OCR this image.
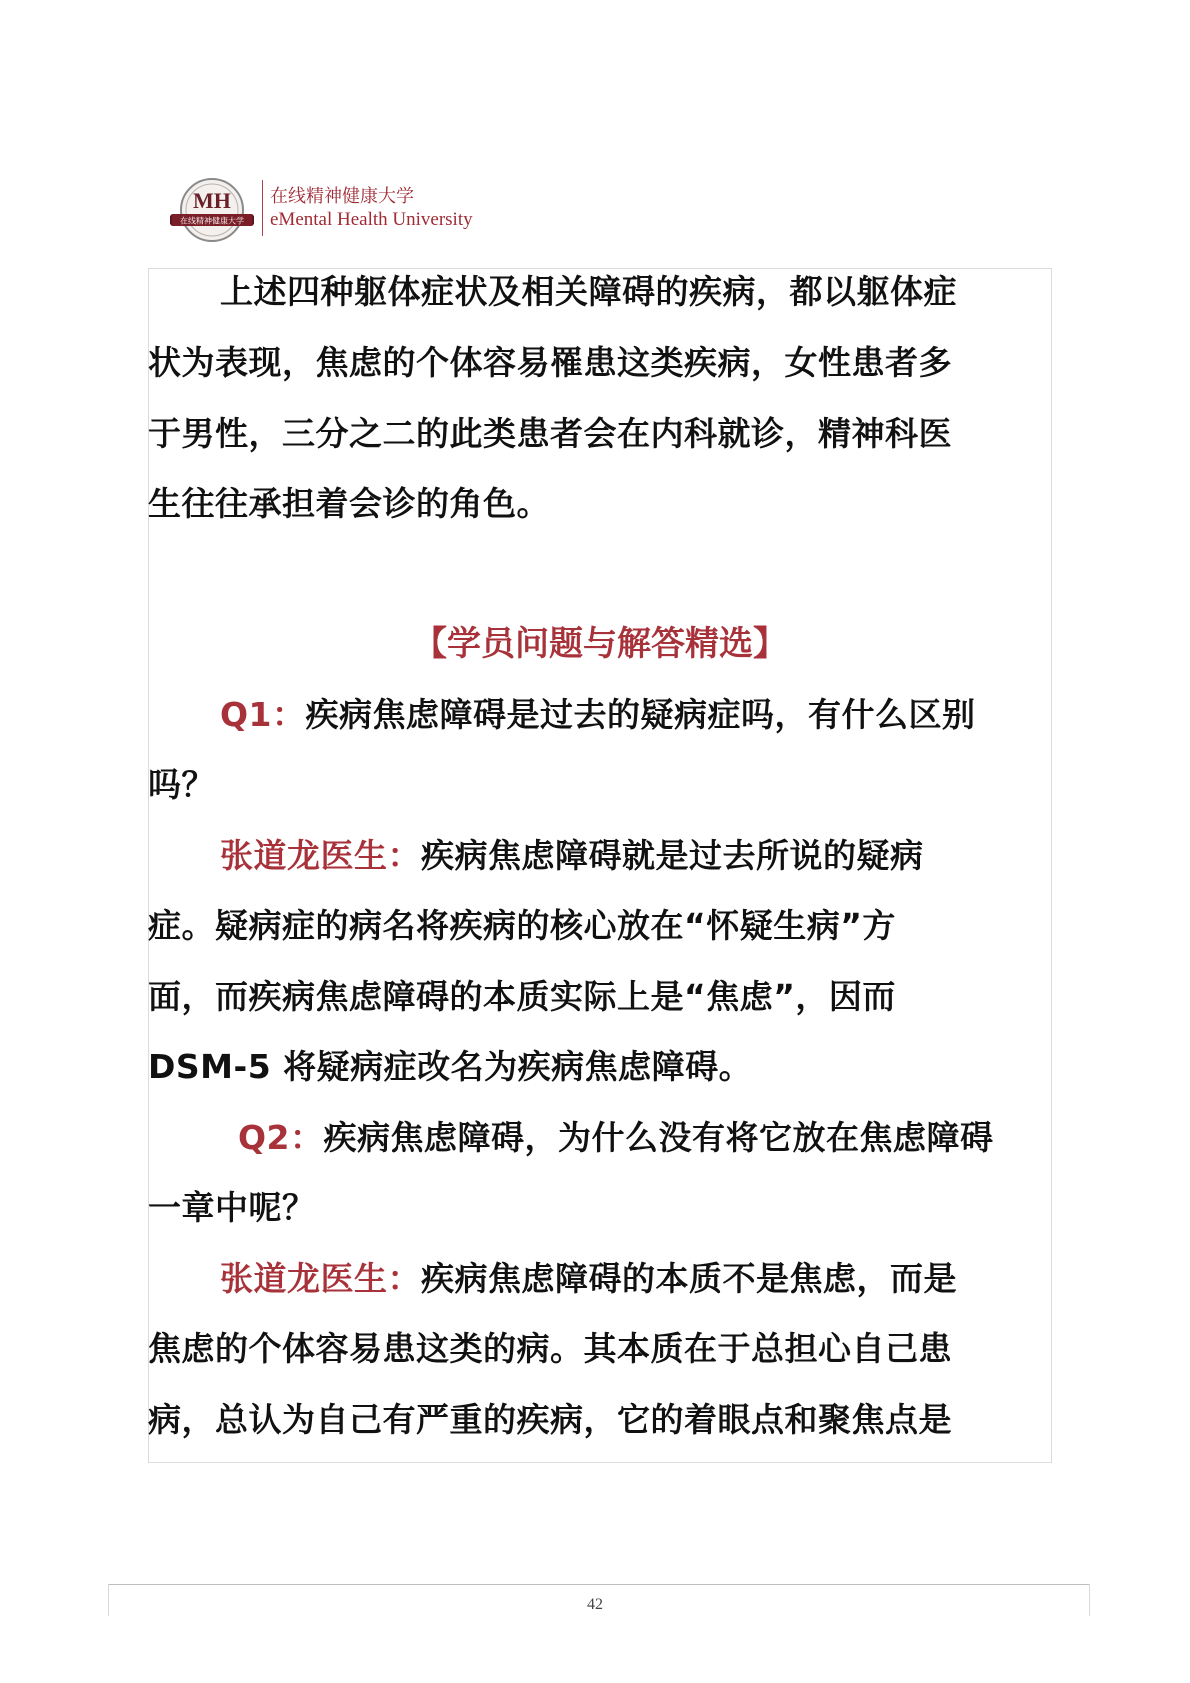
MH
在线精神健康大学
在线精神健康大学
eMental Health University
上述四种躯体症状及相关障碍的疾病，都以躯体症
状为表现，焦虑的个体容易罹患这类疾病，女性患者多
于男性，三分之二的此类患者会在内科就诊，精神科医
生往往承担着会诊的角色。
【学员问题与解答精选】
Q1：疾病焦虑障碍是过去的疑病症吗，有什么区别
吗？
张道龙医生：疾病焦虑障碍就是过去所说的疑病
症。疑病症的病名将疾病的核心放在“怀疑生病”方
面，而疾病焦虑障碍的本质实际上是“焦虑”，因而
DSM-5 将疑病症改名为疾病焦虑障碍。
Q2：疾病焦虑障碍，为什么没有将它放在焦虑障碍
一章中呢？
张道龙医生：疾病焦虑障碍的本质不是焦虑，而是
焦虑的个体容易患这类的病。其本质在于总担心自己患
病，总认为自己有严重的疾病，它的着眼点和聚焦点是
42
